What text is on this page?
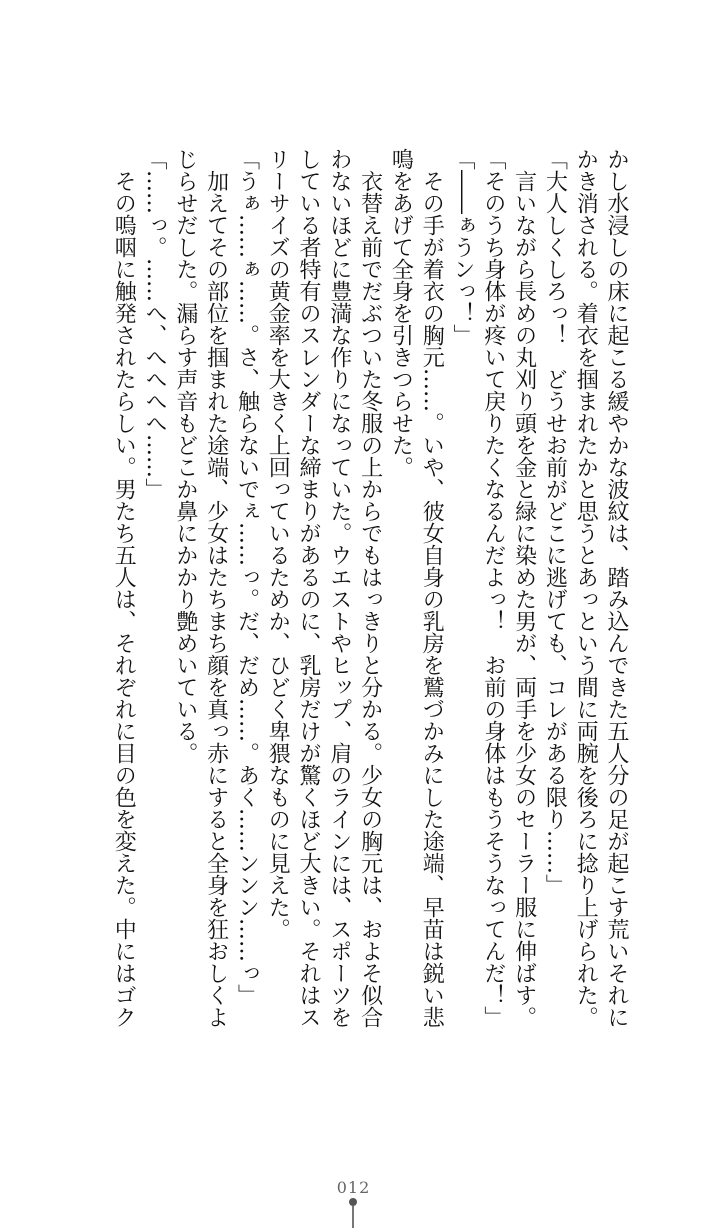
かし水浸しの床に起こる緩やかな波紋は、踏み込んできた五人分の足が起こす荒いそれに
かき消される。着衣を掴まれたかと思うとあっという間に両腕を後ろに捻り上げられた。
「大人しくしろっ！　どうせお前がどこに逃げても、コレがある限り……」
　言いながら長めの丸刈り頭を金と緑に染めた男が、両手を少女のセーラー服に伸ばす。
「そのうち身体が疼いて戻りたくなるんだよっ！　お前の身体はもうそうなってんだ！」
「――ぁうンっ！」
　その手が着衣の胸元……。いや、彼女自身の乳房を鷲づかみにした途端、早苗は鋭い悲
鳴をあげて全身を引きつらせた。
　衣替え前でだぶついた冬服の上からでもはっきりと分かる。少女の胸元は、およそ似合
わないほどに豊満な作りになっていた。ウエストやヒップ、肩のラインには、スポーツを
している者特有のスレンダーな締まりがあるのに、乳房だけが驚くほど大きい。それはス
リーサイズの黄金率を大きく上回っているためか、ひどく卑猥なものに見えた。
「うぁ……ぁ……。さ、触らないでぇ……っ。だ、だめ……。あく……ンンン……っ」
　加えてその部位を掴まれた途端、少女はたちまち顔を真っ赤にすると全身を狂おしくよ
じらせだした。漏らす声音もどこか鼻にかかり艶めいている。
「……っ。……へ、へへへへ……」
　その嗚咽に触発されたらしい。男たち五人は、それぞれに目の色を変えた。中にはゴク
012
